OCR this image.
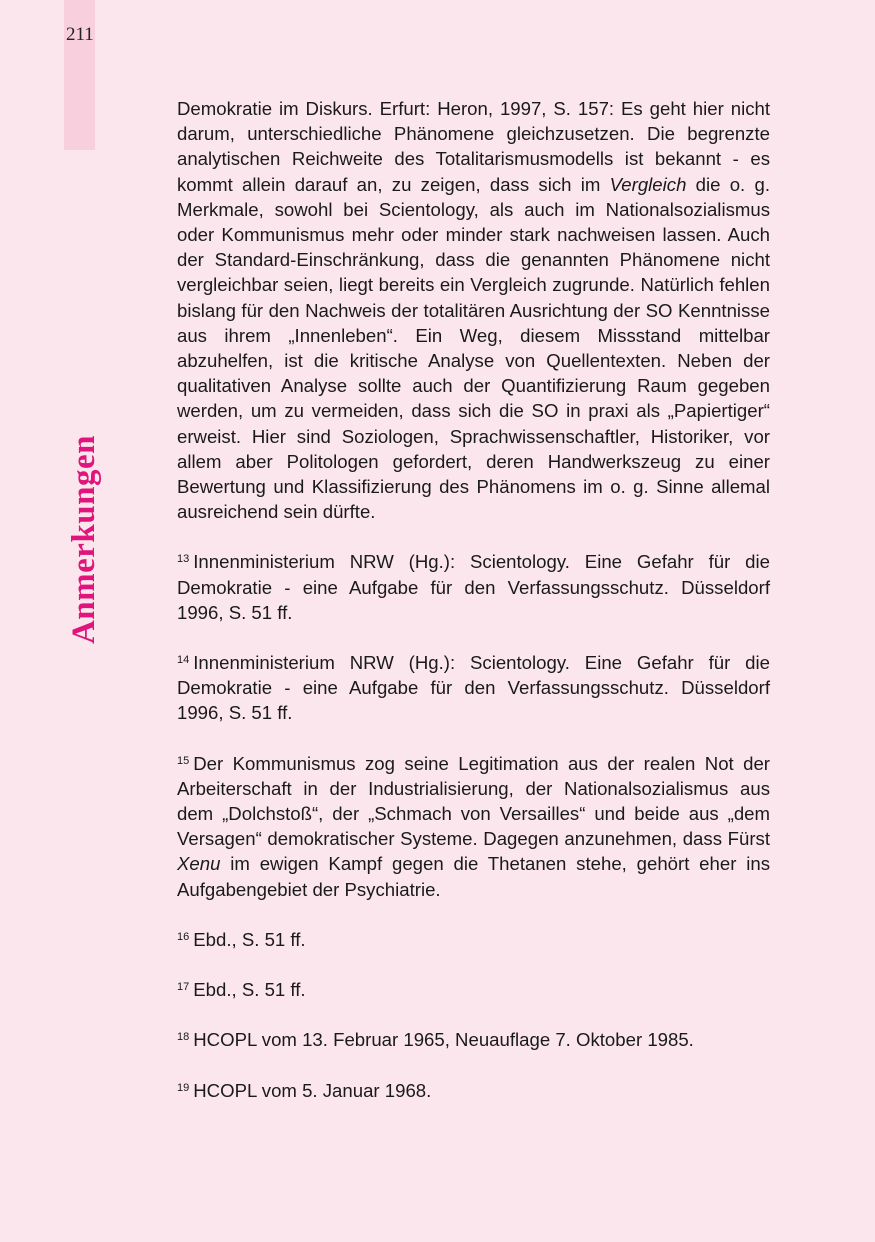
211
Anmerkungen

Demokratie im Diskurs. Erfurt: Heron, 1997, S. 157: Es geht hier nicht darum, unterschiedliche Phänomene gleichzusetzen. Die begrenzte analytischen Reichweite des Totalitarismusmodells ist bekannt - es kommt allein darauf an, zu zeigen, dass sich im Vergleich die o. g. Merkmale, sowohl bei Scientology, als auch im Nationalsozialismus oder Kommunismus mehr oder minder stark nachweisen lassen. Auch der Standard-Einschränkung, dass die genannten Phänomene nicht vergleichbar seien, liegt bereits ein Vergleich zugrunde. Natürlich fehlen bislang für den Nachweis der totalitären Ausrichtung der SO Kenntnisse aus ihrem „Innenleben“. Ein Weg, diesem Missstand mittelbar abzuhelfen, ist die kritische Analyse von Quellentexten. Neben der qualitativen Analyse sollte auch der Quantifizierung Raum gegeben werden, um zu vermeiden, dass sich die SO in praxi als „Papiertiger“ erweist. Hier sind Soziologen, Sprachwissenschaftler, Historiker, vor allem aber Politologen gefordert, deren Handwerkszeug zu einer Bewertung und Klassifizierung des Phänomens im o. g. Sinne allemal ausreichend sein dürfte.

$^{13}$ Innenministerium NRW (Hg.): Scientology. Eine Gefahr für die Demokratie - eine Aufgabe für den Verfassungsschutz. Düsseldorf 1996, S. 51 ff.

$^{14}$ Innenministerium NRW (Hg.): Scientology. Eine Gefahr für die Demokratie - eine Aufgabe für den Verfassungsschutz. Düsseldorf 1996, S. 51 ff.

$^{15}$ Der Kommunismus zog seine Legitimation aus der realen Not der Arbeiterschaft in der Industrialisierung, der Nationalsozialismus aus dem „Dolchstoß“, der „Schmach von Versailles“ und beide aus „dem Versagen“ demokratischer Systeme. Dagegen anzunehmen, dass Fürst Xenu im ewigen Kampf gegen die Thetanen stehe, gehört eher ins Aufgabengebiet der Psychiatrie.

$^{16}$ Ebd., S. 51 ff.

$^{17}$ Ebd., S. 51 ff.

$^{18}$ HCOPL vom 13. Februar 1965, Neuauflage 7. Oktober 1985.

$^{19}$ HCOPL vom 5. Januar 1968.
